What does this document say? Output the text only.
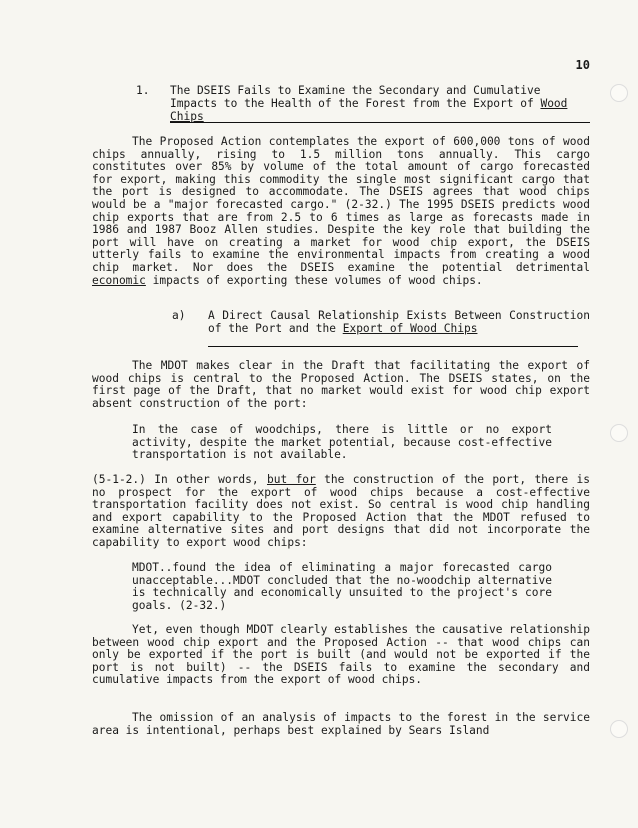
10
1. The DSEIS Fails to Examine the Secondary and Cumulative Impacts to the Health of the Forest from the Export of Wood Chips
The Proposed Action contemplates the export of 600,000 tons of wood chips annually, rising to 1.5 million tons annually. This cargo constitutes over 85% by volume of the total amount of cargo forecasted for export, making this commodity the single most significant cargo that the port is designed to accommodate. The DSEIS agrees that wood chips would be a "major forecasted cargo." (2-32.) The 1995 DSEIS predicts wood chip exports that are from 2.5 to 6 times as large as forecasts made in 1986 and 1987 Booz Allen studies. Despite the key role that building the port will have on creating a market for wood chip export, the DSEIS utterly fails to examine the environmental impacts from creating a wood chip market. Nor does the DSEIS examine the potential detrimental economic impacts of exporting these volumes of wood chips.
a) A Direct Causal Relationship Exists Between Construction of the Port and the Export of Wood Chips
The MDOT makes clear in the Draft that facilitating the export of wood chips is central to the Proposed Action. The DSEIS states, on the first page of the Draft, that no market would exist for wood chip export absent construction of the port:
In the case of woodchips, there is little or no export activity, despite the market potential, because cost-effective transportation is not available.
(5-1-2.) In other words, but for the construction of the port, there is no prospect for the export of wood chips because a cost-effective transportation facility does not exist. So central is wood chip handling and export capability to the Proposed Action that the MDOT refused to examine alternative sites and port designs that did not incorporate the capability to export wood chips:
MDOT..found the idea of eliminating a major forecasted cargo unacceptable...MDOT concluded that the no-woodchip alternative is technically and economically unsuited to the project's core goals. (2-32.)
Yet, even though MDOT clearly establishes the causative relationship between wood chip export and the Proposed Action -- that wood chips can only be exported if the port is built (and would not be exported if the port is not built) -- the DSEIS fails to examine the secondary and cumulative impacts from the export of wood chips.
The omission of an analysis of impacts to the forest in the service area is intentional, perhaps best explained by Sears Island
